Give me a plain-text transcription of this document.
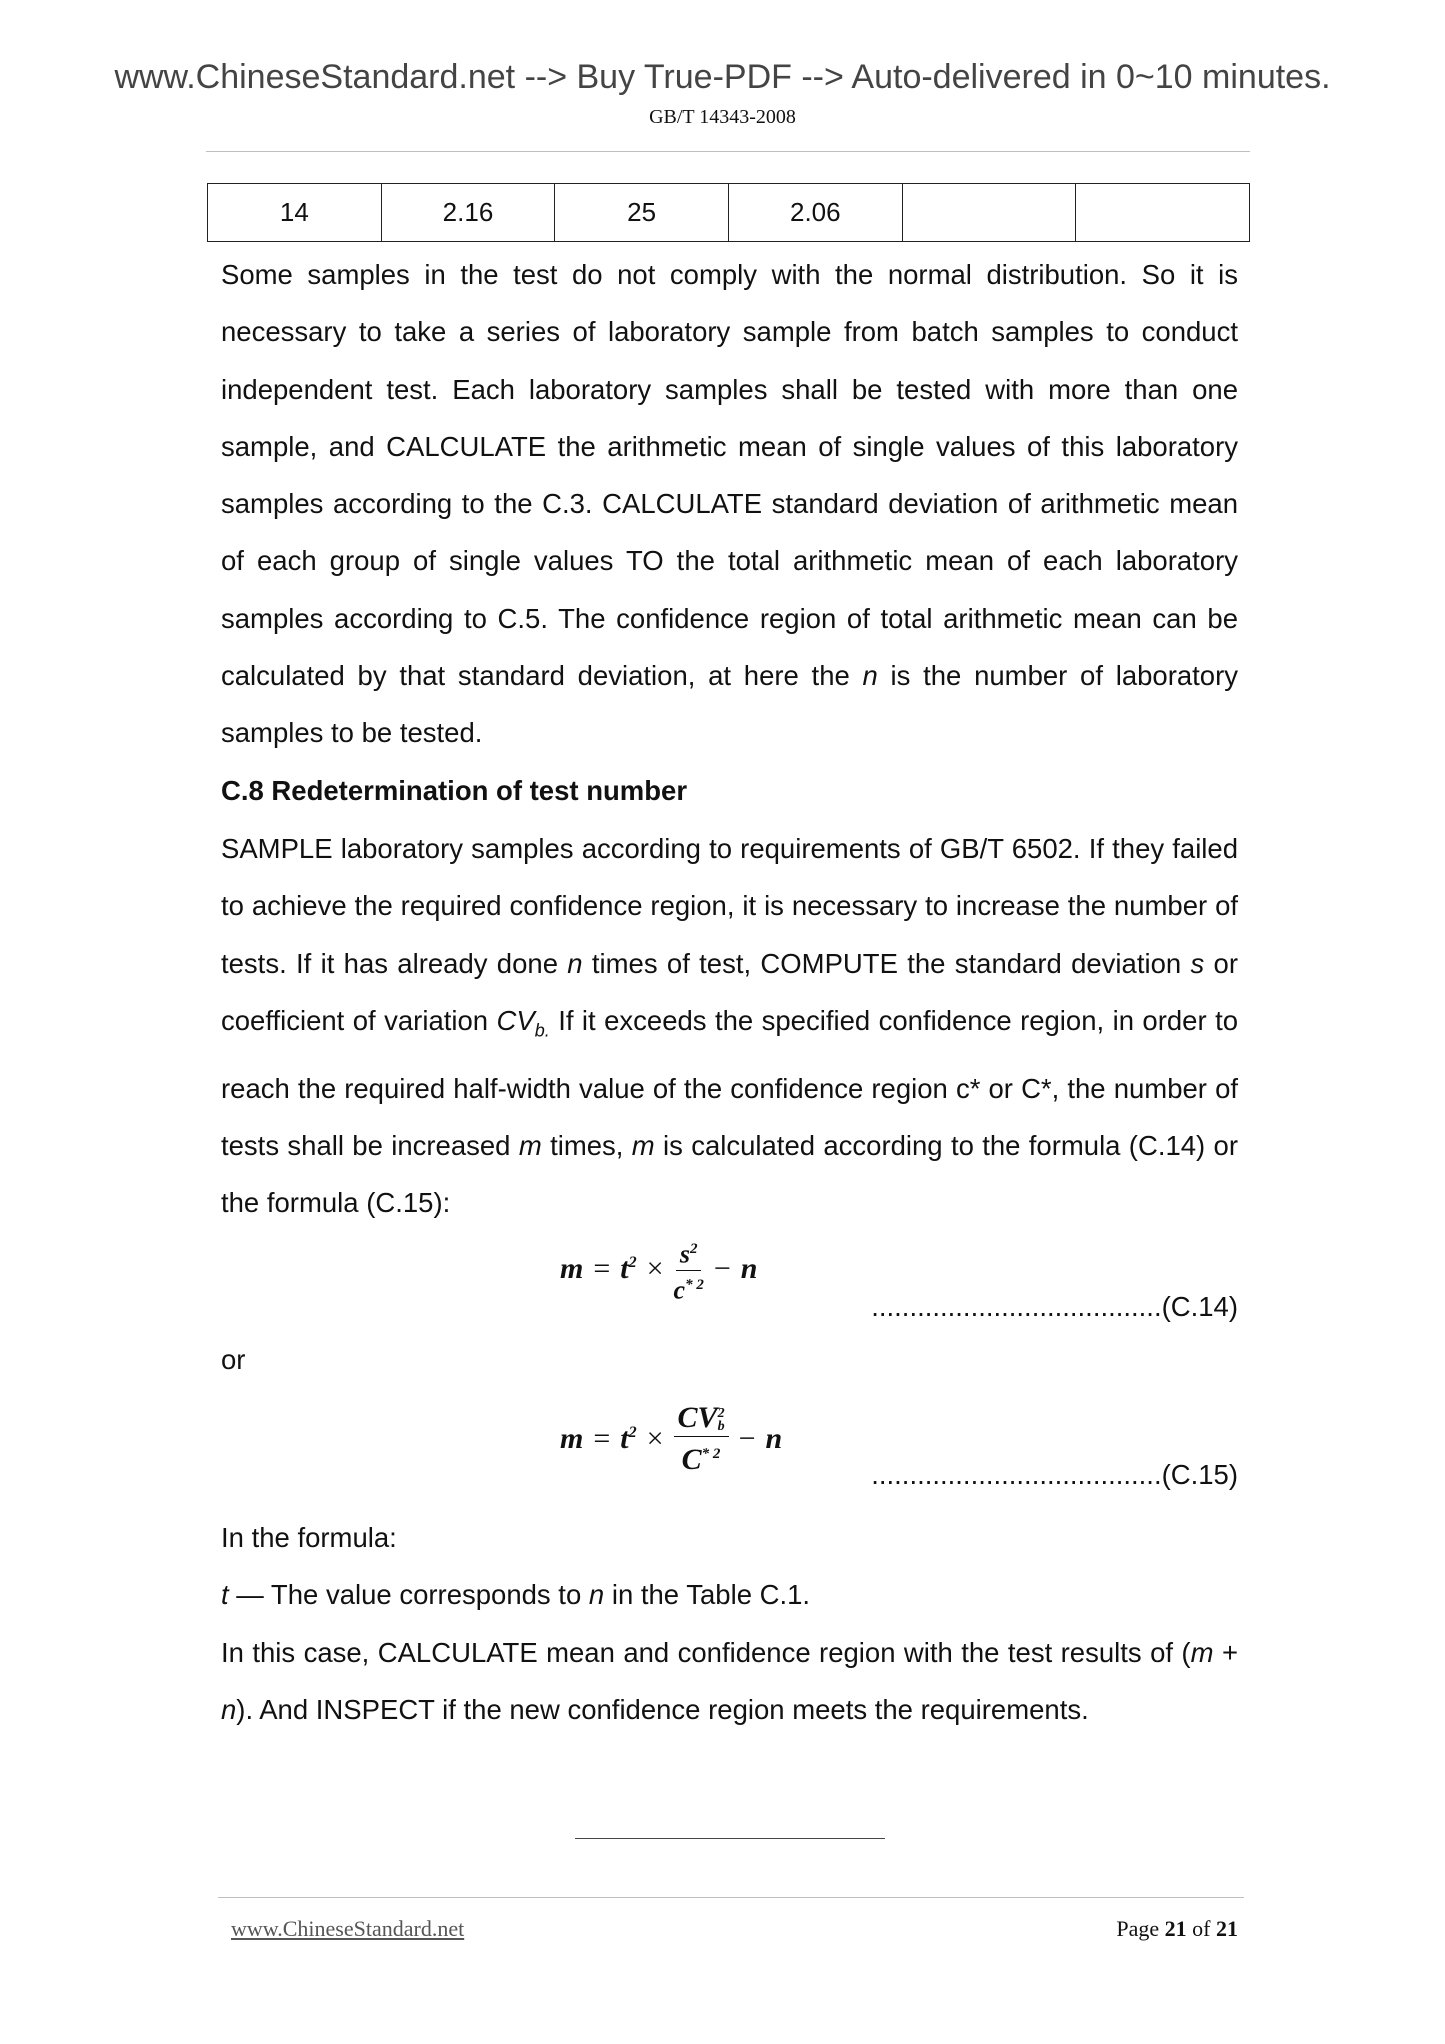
www.ChineseStandard.net --> Buy True-PDF --> Auto-delivered in 0~10 minutes.
GB/T 14343-2008
14	2.16	25	2.06		
Some samples in the test do not comply with the normal distribution. So it is necessary to take a series of laboratory sample from batch samples to conduct independent test. Each laboratory samples shall be tested with more than one sample, and CALCULATE the arithmetic mean of single values of this laboratory samples according to the C.3. CALCULATE standard deviation of arithmetic mean of each group of single values TO the total arithmetic mean of each laboratory samples according to C.5. The confidence region of total arithmetic mean can be calculated by that standard deviation, at here the n is the number of laboratory samples to be tested.
C.8 Redetermination of test number
SAMPLE laboratory samples according to requirements of GB/T 6502. If they failed to achieve the required confidence region, it is necessary to increase the number of tests. If it has already done n times of test, COMPUTE the standard deviation s or coefficient of variation $CV_{b.}$ If it exceeds the specified confidence region, in order to reach the required half-width value of the confidence region c* or C*, the number of tests shall be increased m times, m is calculated according to the formula (C.14) or the formula (C.15):
$m = t^2 \times \frac{s^2}{c^{* 2}} - n$
......................................(C.14)
or
$m = t^2$ × CV 2
b
$C^{* 2} - n$
......................................(C.15)
In the formula:
t — The value corresponds to n in the Table C.1.
In this case, CALCULATE mean and confidence region with the test results of (m + n). And INSPECT if the new confidence region meets the requirements.
www.ChineseStandard.net	Page 21 of 21
